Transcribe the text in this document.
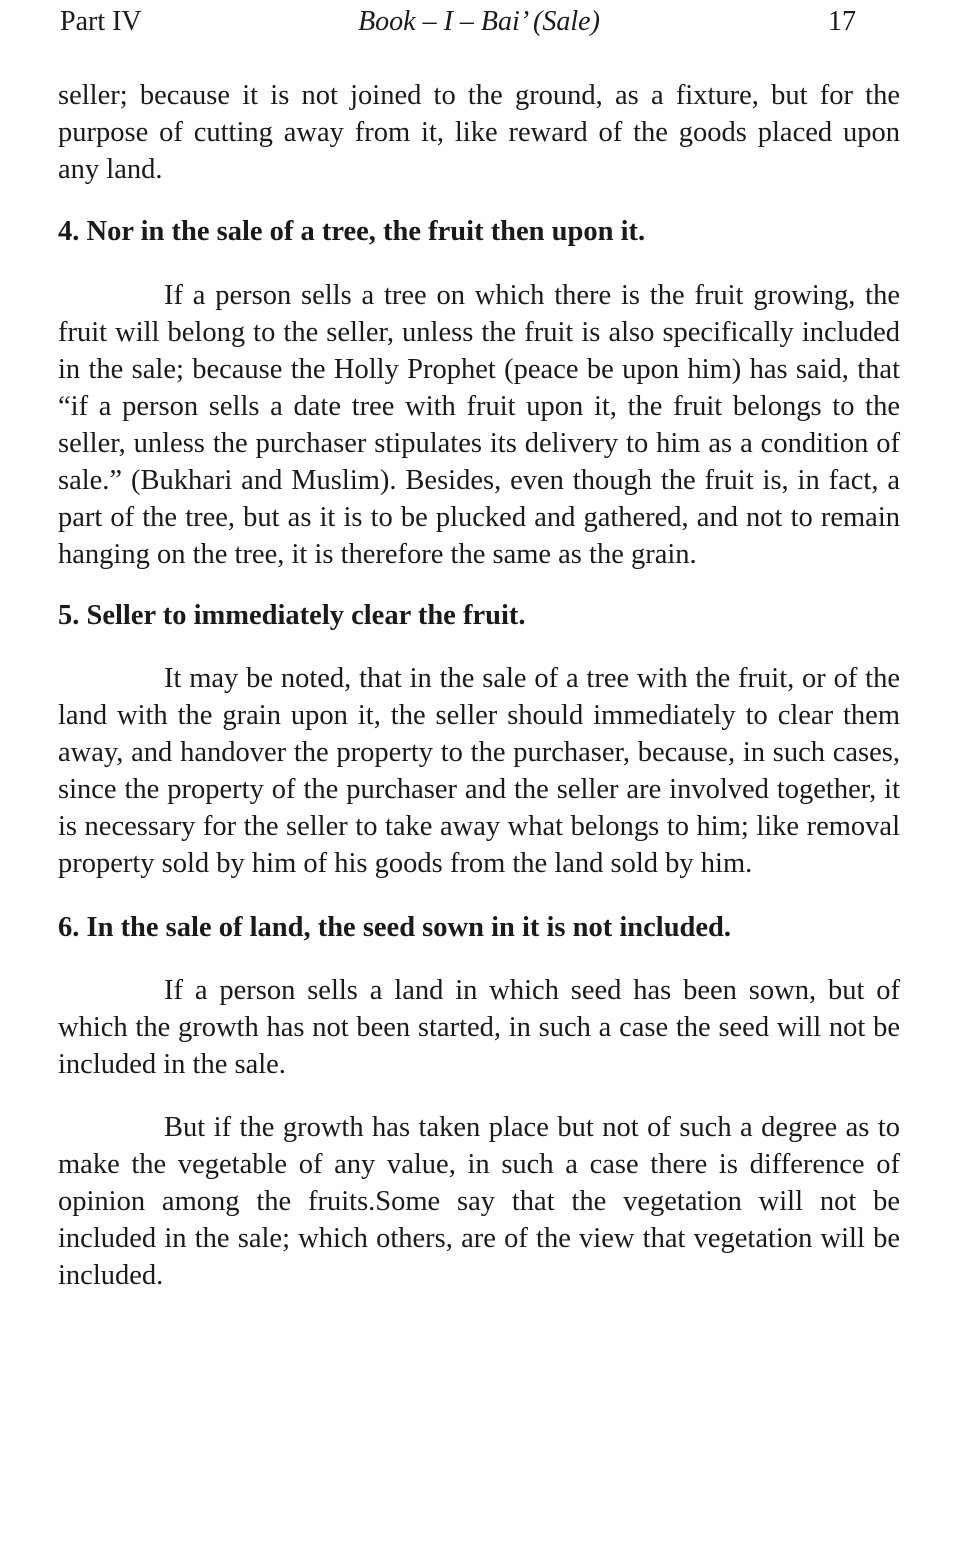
Part IV	Book – I – Bai’ (Sale)	17

seller; because it is not joined to the ground, as a fixture, but for the purpose of cutting away from it, like reward of the goods placed upon any land.

4. Nor in the sale of a tree, the fruit then upon it.

If a person sells a tree on which there is the fruit growing, the fruit will belong to the seller, unless the fruit is also specifically included in the sale; because the Holly Prophet (peace be upon him) has said, that “if a person sells a date tree with fruit upon it, the fruit belongs to the seller, unless the purchaser stipulates its delivery to him as a condition of sale.” (Bukhari and Muslim). Besides, even though the fruit is, in fact, a part of the tree, but as it is to be plucked and gathered, and not to remain hanging on the tree, it is therefore the same as the grain.

5. Seller to immediately clear the fruit.

It may be noted, that in the sale of a tree with the fruit, or of the land with the grain upon it, the seller should immediately to clear them away, and handover the property to the purchaser, because, in such cases, since the property of the purchaser and the seller are involved together, it is necessary for the seller to take away what belongs to him; like removal property sold by him of his goods from the land sold by him.

6. In the sale of land, the seed sown in it is not included.

If a person sells a land in which seed has been sown, but of which the growth has not been started, in such a case the seed will not be included in the sale.

But if the growth has taken place but not of such a degree as to make the vegetable of any value, in such a case there is difference of opinion among the fruits.Some say that the vegetation will not be included in the sale; which others, are of the view that vegetation will be included.
